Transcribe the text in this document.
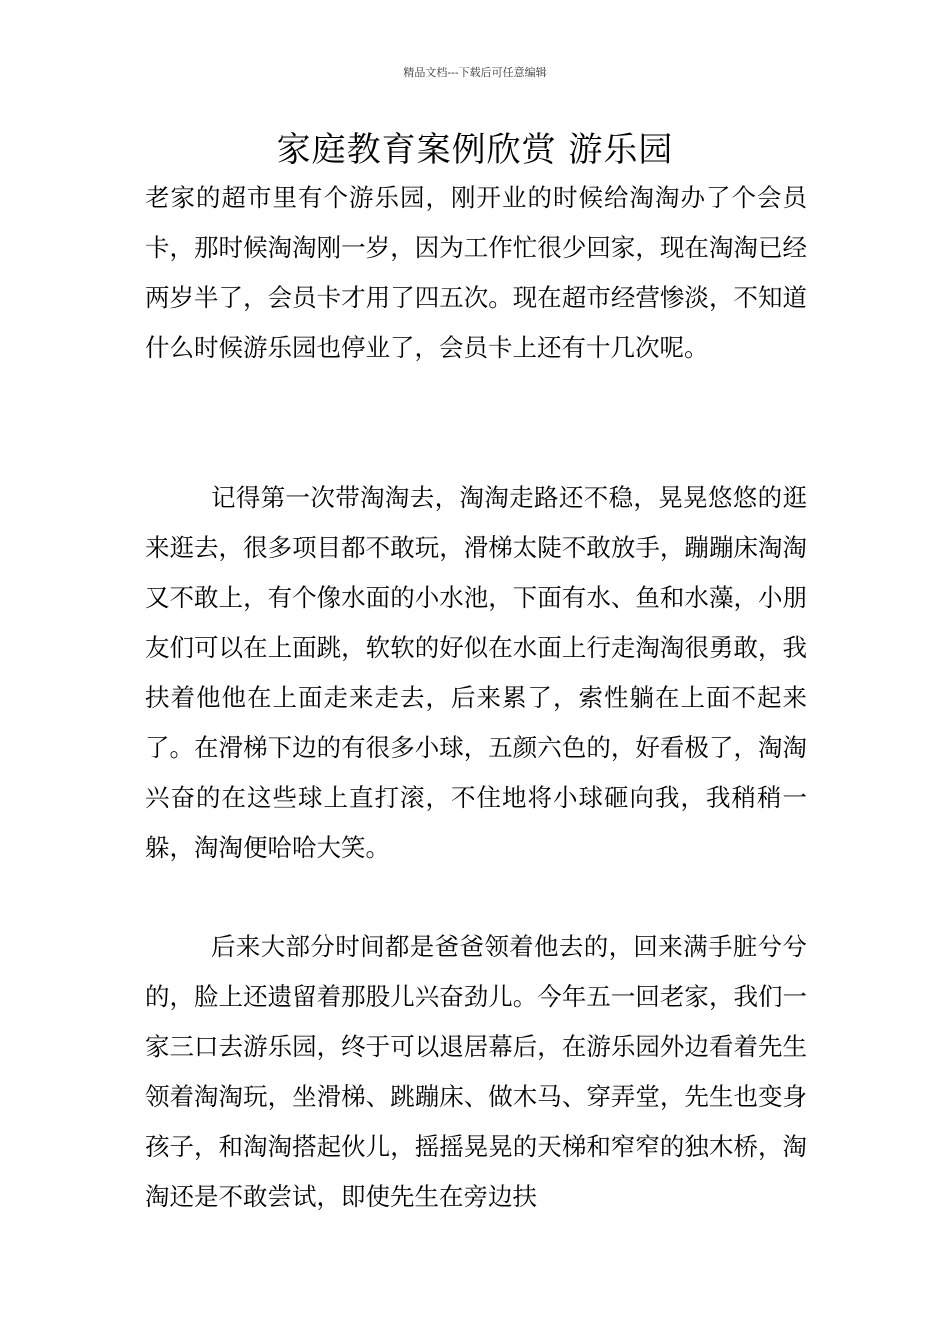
精品文档---下载后可任意编辑
家庭教育案例欣赏 游乐园
老家的超市里有个游乐园，刚开业的时候给淘淘办了个会员卡，那时候淘淘刚一岁，因为工作忙很少回家，现在淘淘已经两岁半了，会员卡才用了四五次。现在超市经营惨淡，不知道什么时候游乐园也停业了，会员卡上还有十几次呢。
记得第一次带淘淘去，淘淘走路还不稳，晃晃悠悠的逛来逛去，很多项目都不敢玩，滑梯太陡不敢放手，蹦蹦床淘淘又不敢上，有个像水面的小水池，下面有水、鱼和水藻，小朋友们可以在上面跳，软软的好似在水面上行走淘淘很勇敢，我扶着他他在上面走来走去，后来累了，索性躺在上面不起来了。在滑梯下边的有很多小球，五颜六色的，好看极了，淘淘兴奋的在这些球上直打滚，不住地将小球砸向我，我稍稍一躲，淘淘便哈哈大笑。
后来大部分时间都是爸爸领着他去的，回来满手脏兮兮的，脸上还遗留着那股儿兴奋劲儿。今年五一回老家，我们一家三口去游乐园，终于可以退居幕后，在游乐园外边看着先生领着淘淘玩，坐滑梯、跳蹦床、做木马、穿弄堂，先生也变身孩子，和淘淘搭起伙儿，摇摇晃晃的天梯和窄窄的独木桥，淘淘还是不敢尝试，即使先生在旁边扶
